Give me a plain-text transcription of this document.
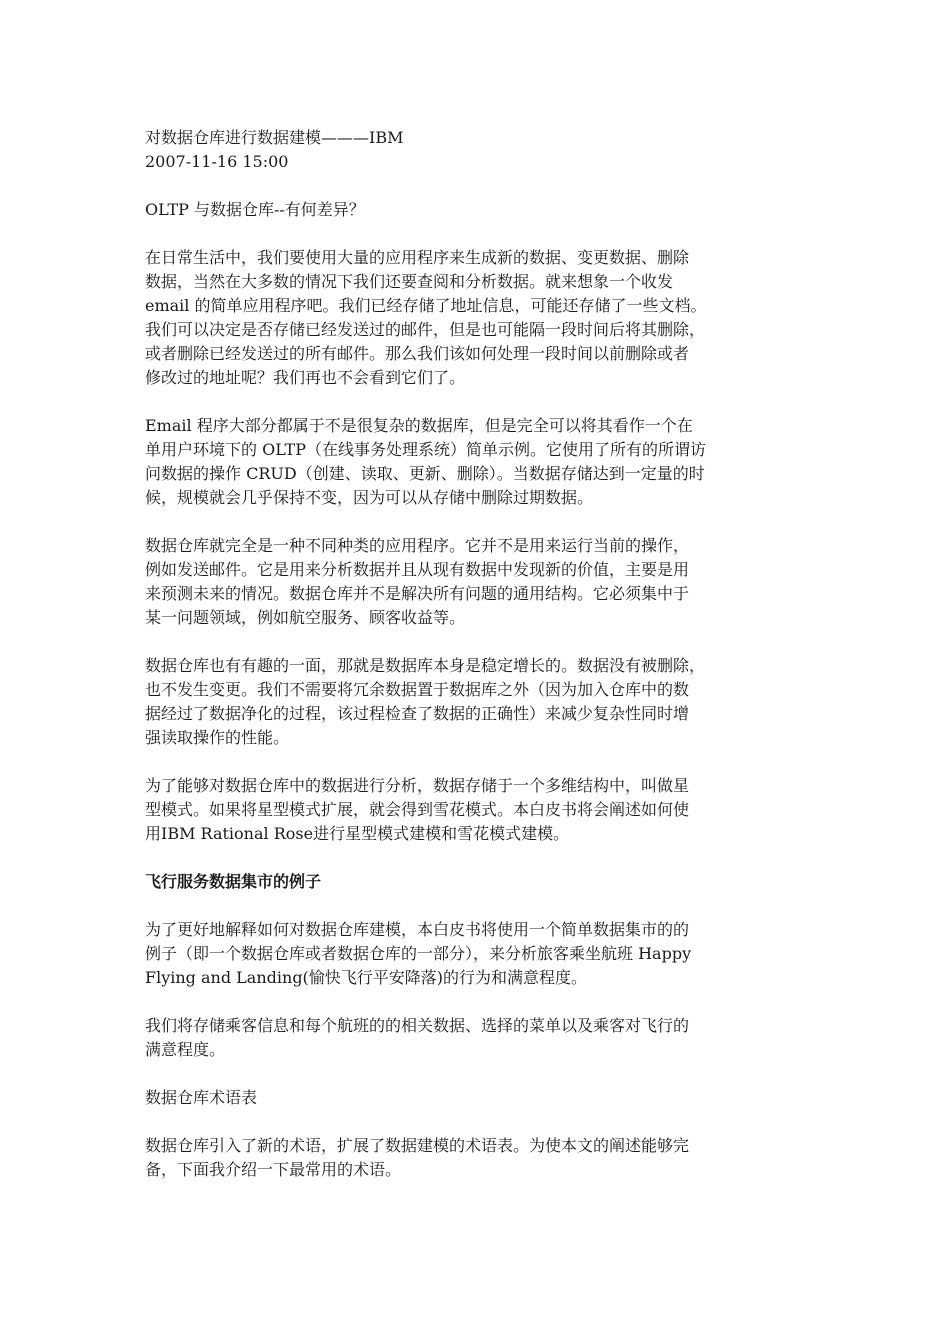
对数据仓库进行数据建模———IBM
2007-11-16 15:00
OLTP 与数据仓库--有何差异？
在日常生活中，我们要使用大量的应用程序来生成新的数据、变更数据、删除
数据，当然在大多数的情况下我们还要查阅和分析数据。就来想象一个收发
email 的简单应用程序吧。我们已经存储了地址信息，可能还存储了一些文档。
我们可以决定是否存储已经发送过的邮件，但是也可能隔一段时间后将其删除，
或者删除已经发送过的所有邮件。那么我们该如何处理一段时间以前删除或者
修改过的地址呢？我们再也不会看到它们了。
Email 程序大部分都属于不是很复杂的数据库，但是完全可以将其看作一个在
单用户环境下的 OLTP（在线事务处理系统）简单示例。它使用了所有的所谓访
问数据的操作 CRUD（创建、读取、更新、删除）。当数据存储达到一定量的时
候，规模就会几乎保持不变，因为可以从存储中删除过期数据。
数据仓库就完全是一种不同种类的应用程序。它并不是用来运行当前的操作，
例如发送邮件。它是用来分析数据并且从现有数据中发现新的价值，主要是用
来预测未来的情况。数据仓库并不是解决所有问题的通用结构。它必须集中于
某一问题领域，例如航空服务、顾客收益等。
数据仓库也有有趣的一面，那就是数据库本身是稳定增长的。数据没有被删除，
也不发生变更。我们不需要将冗余数据置于数据库之外（因为加入仓库中的数
据经过了数据净化的过程，该过程检查了数据的正确性）来减少复杂性同时增
强读取操作的性能。
为了能够对数据仓库中的数据进行分析，数据存储于一个多维结构中，叫做星
型模式。如果将星型模式扩展，就会得到雪花模式。本白皮书将会阐述如何使
用IBM Rational Rose进行星型模式建模和雪花模式建模。
飞行服务数据集市的例子
为了更好地解释如何对数据仓库建模，本白皮书将使用一个简单数据集市的的
例子（即一个数据仓库或者数据仓库的一部分），来分析旅客乘坐航班 Happy
Flying and Landing(愉快飞行平安降落)的行为和满意程度。
我们将存储乘客信息和每个航班的的相关数据、选择的菜单以及乘客对飞行的
满意程度。
数据仓库术语表
数据仓库引入了新的术语，扩展了数据建模的术语表。为使本文的阐述能够完
备，下面我介绍一下最常用的术语。
